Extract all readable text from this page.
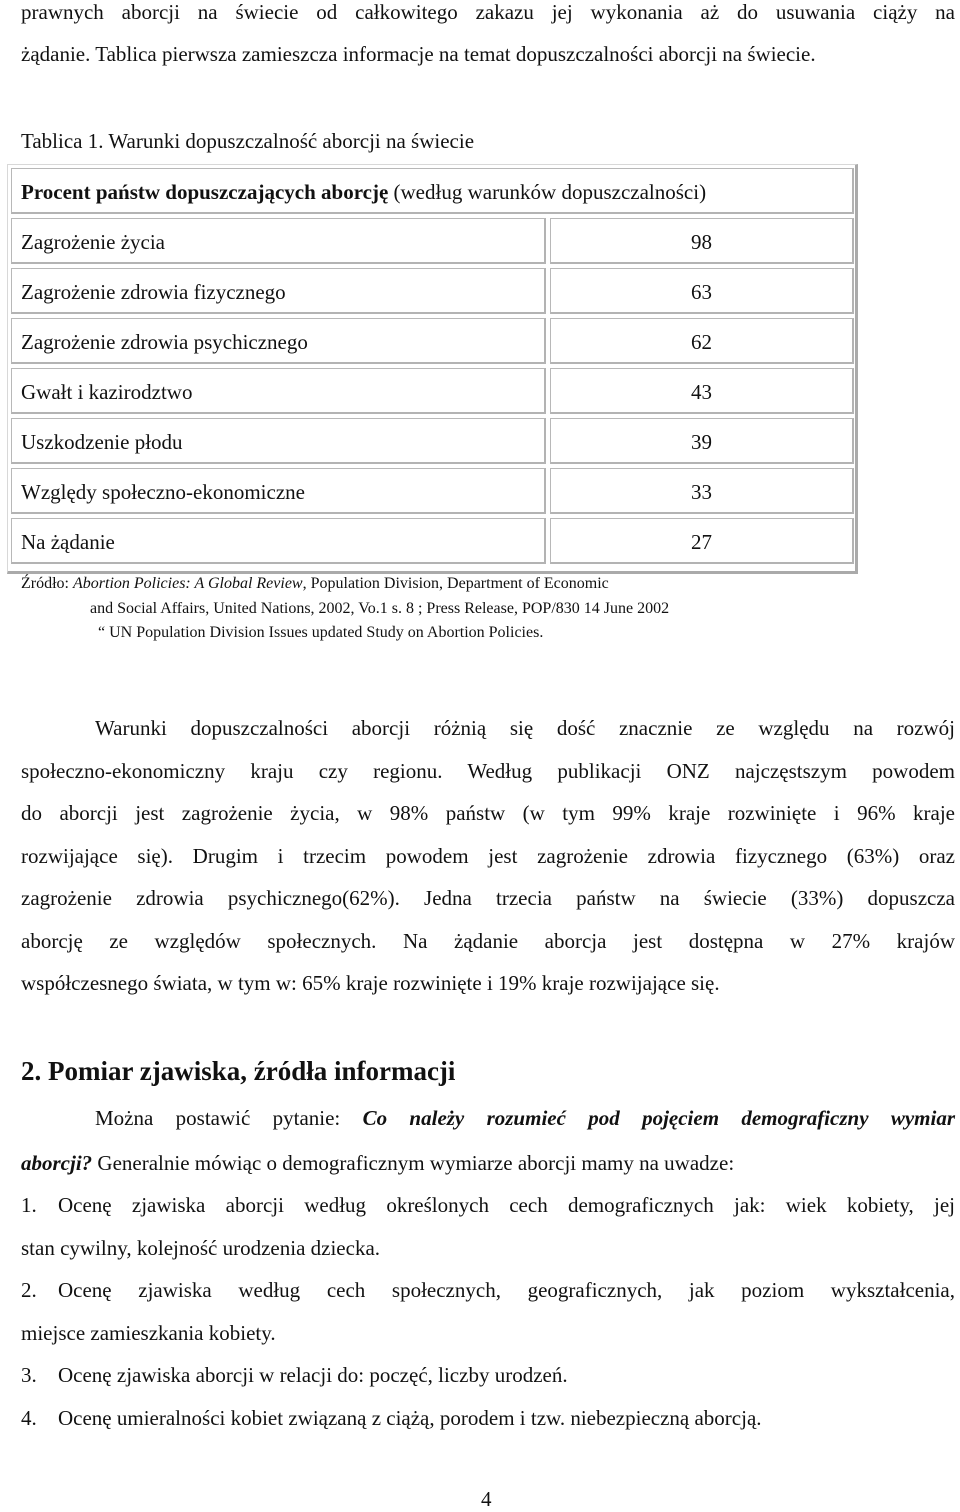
prawnych aborcji na świecie od całkowitego zakazu jej wykonania aż do usuwania ciąży na
żądanie. Tablica pierwsza zamieszcza informacje na temat dopuszczalności aborcji na świecie.
Tablica 1. Warunki dopuszczalność aborcji na świecie
Procent państw dopuszczających aborcję (według warunków dopuszczalności)
Zagrożenie życia	98
Zagrożenie zdrowia fizycznego	63
Zagrożenie zdrowia psychicznego	62
Gwałt i kazirodztwo	43
Uszkodzenie płodu	39
Względy społeczno-ekonomiczne	33
Na żądanie	27
Źródło: Abortion Policies: A Global Review, Population Division, Department of Economic
and Social Affairs, United Nations, 2002, Vo.1 s. 8 ; Press Release, POP/830 14 June 2002
“ UN Population Division Issues updated Study on Abortion Policies.
Warunki dopuszczalności aborcji różnią się dość znacznie ze względu na rozwój
społeczno-ekonomiczny kraju czy regionu. Według publikacji ONZ najczęstszym powodem
do aborcji jest zagrożenie życia, w 98% państw (w tym 99% kraje rozwinięte i 96% kraje
rozwijające się). Drugim i trzecim powodem jest zagrożenie zdrowia fizycznego (63%) oraz
zagrożenie zdrowia psychicznego(62%). Jedna trzecia państw na świecie (33%) dopuszcza
aborcję ze względów społecznych. Na żądanie aborcja jest dostępna w 27% krajów
współczesnego świata, w tym w: 65% kraje rozwinięte i 19% kraje rozwijające się.
2. Pomiar zjawiska, źródła informacji
Można postawić pytanie: Co należy rozumieć pod pojęciem demograficzny wymiar
aborcji? Generalnie mówiąc o demograficznym wymiarze aborcji mamy na uwadze:
1. Ocenę zjawiska aborcji według określonych cech demograficznych jak: wiek kobiety, jej
stan cywilny, kolejność urodzenia dziecka.
2. Ocenę zjawiska według cech społecznych, geograficznych, jak poziom wykształcenia,
miejsce zamieszkania kobiety.
3. Ocenę zjawiska aborcji w relacji do: poczęć, liczby urodzeń.
4. Ocenę umieralności kobiet związaną z ciążą, porodem i tzw. niebezpieczną aborcją.
4
